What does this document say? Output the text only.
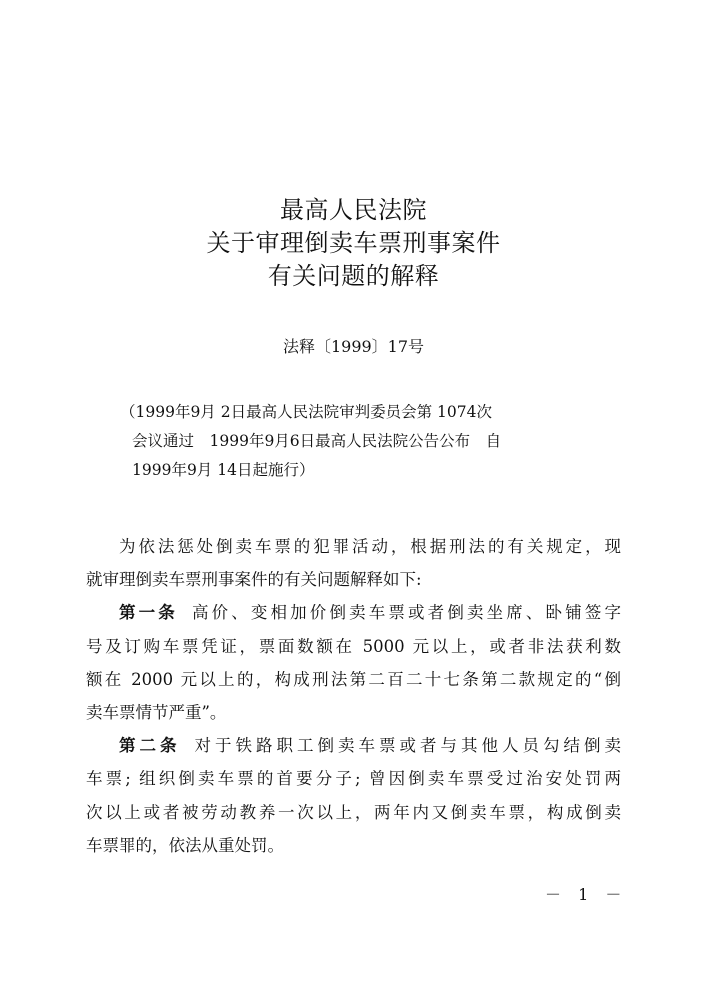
最高人民法院

关于审理倒卖车票刑事案件

有关问题的解释

法释〔1999〕17号

（1999年9月 2日最高人民法院审判委员会第 1074次

会议通过　1999年9月6日最高人民法院公告公布　自

1999年9月 14日起施行）

为依法惩处倒卖车票的犯罪活动，根据刑法的有关规定，现

就审理倒卖车票刑事案件的有关问题解释如下:

第一条 高价、变相加价倒卖车票或者倒卖坐席、卧铺签字

号及订购车票凭证，票面数额在 5000 元以上，或者非法获利数

额在 2000 元以上的，构成刑法第二百二十七条第二款规定的“倒

卖车票情节严重”。

第二条 对于铁路职工倒卖车票或者与其他人员勾结倒卖

车票; 组织倒卖车票的首要分子; 曾因倒卖车票受过治安处罚两

次以上或者被劳动教养一次以上，两年内又倒卖车票，构成倒卖

车票罪的，依法从重处罚。

－ 1 －
